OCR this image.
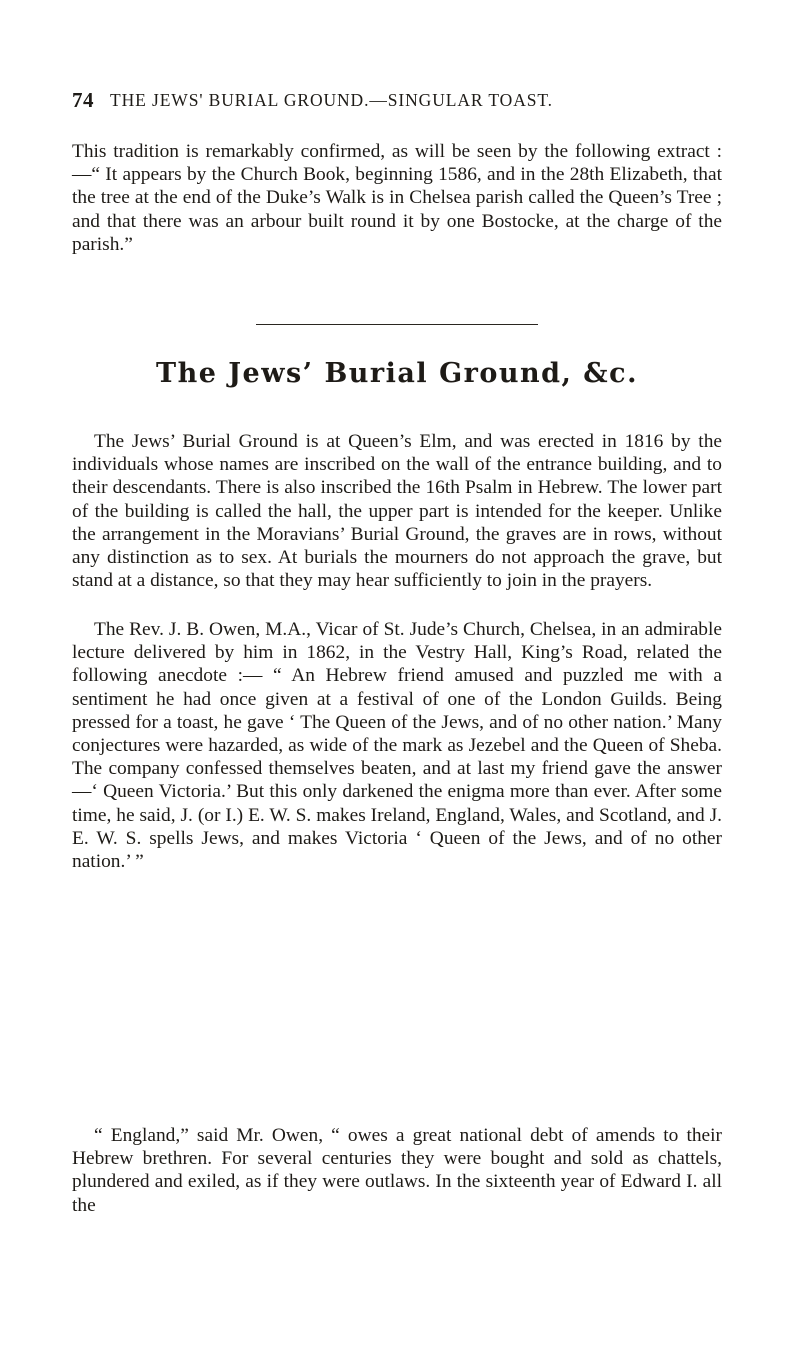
74 THE JEWS' BURIAL GROUND.—SINGULAR TOAST.

This tradition is remarkably confirmed, as will be seen by the following extract :—“ It appears by the Church Book, beginning 1586, and in the 28th Elizabeth, that the tree at the end of the Duke’s Walk is in Chelsea parish called the Queen’s Tree ; and that there was an arbour built round it by one Bostocke, at the charge of the parish.”

The Jews’ Burial Ground, &c.

The Jews’ Burial Ground is at Queen’s Elm, and was erected in 1816 by the individuals whose names are inscribed on the wall of the entrance building, and to their descendants. There is also inscribed the 16th Psalm in Hebrew. The lower part of the building is called the hall, the upper part is intended for the keeper. Unlike the arrangement in the Moravians’ Burial Ground, the graves are in rows, without any distinction as to sex. At burials the mourners do not approach the grave, but stand at a distance, so that they may hear sufficiently to join in the prayers.

The Rev. J. B. Owen, M.A., Vicar of St. Jude’s Church, Chelsea, in an admirable lecture delivered by him in 1862, in the Vestry Hall, King’s Road, related the following anecdote :— “ An Hebrew friend amused and puzzled me with a sentiment he had once given at a festival of one of the London Guilds. Being pressed for a toast, he gave ‘ The Queen of the Jews, and of no other nation.’ Many conjectures were hazarded, as wide of the mark as Jezebel and the Queen of Sheba. The company confessed themselves beaten, and at last my friend gave the answer—‘ Queen Victoria.’ But this only darkened the enigma more than ever. After some time, he said, J. (or I.) E. W. S. makes Ireland, England, Wales, and Scotland, and J. E. W. S. spells Jews, and makes Victoria ‘ Queen of the Jews, and of no other nation.’ ”

“ England,” said Mr. Owen, “ owes a great national debt of amends to their Hebrew brethren. For several centuries they were bought and sold as chattels, plundered and exiled, as if they were outlaws. In the sixteenth year of Edward I. all the
